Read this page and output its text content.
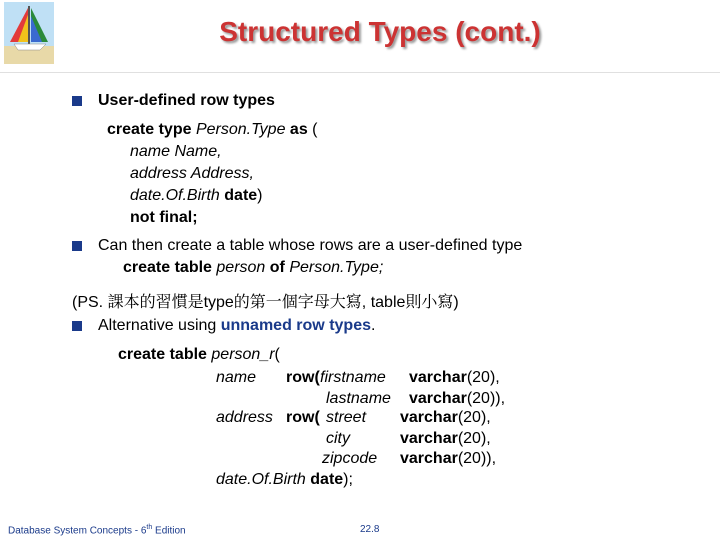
Structured Types (cont.)
User-defined row types
create type Person.Type as (
name Name,
address Address,
date.Of.Birth date)
not final;
Can then create a table whose rows are a user-defined type
create table person of Person.Type;
(PS. 課本的習慣是type的第一個字母大寫, table則小寫)
Alternative using unnamed row types.
create table person_r(
name row( firstname varchar(20),
lastname varchar(20)),
address row( street varchar(20),
city	varchar(20),
zipcode varchar(20)),
date.Of.Birth date);
Database System Concepts - 6th Edition	22.8
